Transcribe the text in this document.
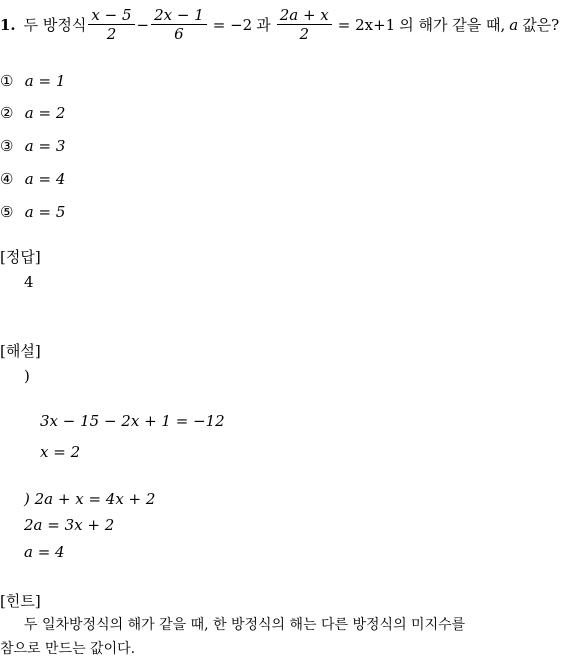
1. 두 방정식 $\frac{x - 5}{2} - \frac{2x - 1}{6} = -2$ 과 $\frac{2a + x}{2} = 2x+1$ 의 해가 같을 때, a 값은?
① a = 1
② a = 2
③ a = 3
④ a = 4
⑤ a = 5
[정답]
4
[해설]
)
3x − 15 − 2x + 1 = −12
x = 2
) 2a + x = 4x + 2
2a = 3x + 2
a = 4
[힌트]
두 일차방정식의 해가 같을 때, 한 방정식의 해는 다른 방정식의 미지수를
참으로 만드는 값이다.
